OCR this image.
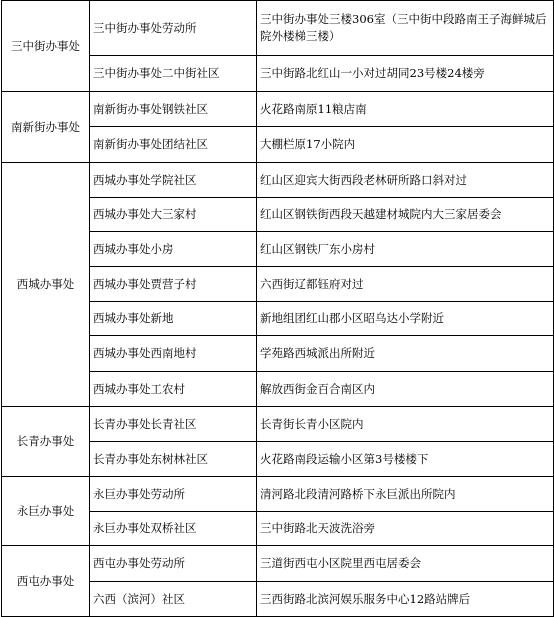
三中街办事处	三中街办事处劳动所	三中街办事处三楼306室（三中街中段路南王子海鲜城后院外楼梯三楼）
	三中街办事处二中街社区	三中街路北红山一小对过胡同23号楼24楼旁
南新街办事处	南新街办事处钢铁社区	火花路南原11粮店南
	南新街办事处团结社区	大棚栏原17小院内
西城办事处	西城办事处学院社区	红山区迎宾大街西段老林研所路口斜对过
	西城办事处大三家村	红山区钢铁街西段天越建材城院内大三家居委会
	西城办事处小房	红山区钢铁厂东小房村
	西城办事处贾营子村	六西街辽都钰府对过
	西城办事处新地	新地组团红山郡小区昭乌达小学附近
	西城办事处西南地村	学苑路西城派出所附近
	西城办事处工农村	解放西街金百合南区内
长青办事处	长青办事处长青社区	长青街长青小区院内
	长青办事处东树林社区	火花路南段运输小区第3号楼楼下
永巨办事处	永巨办事处劳动所	清河路北段清河路桥下永巨派出所院内
	永巨办事处双桥社区	三中街路北天波洗浴旁
西屯办事处	西屯办事处劳动所	三道街西屯小区院里西屯居委会
	六西（滨河）社区	三西街路北滨河娱乐服务中心12路站牌后
